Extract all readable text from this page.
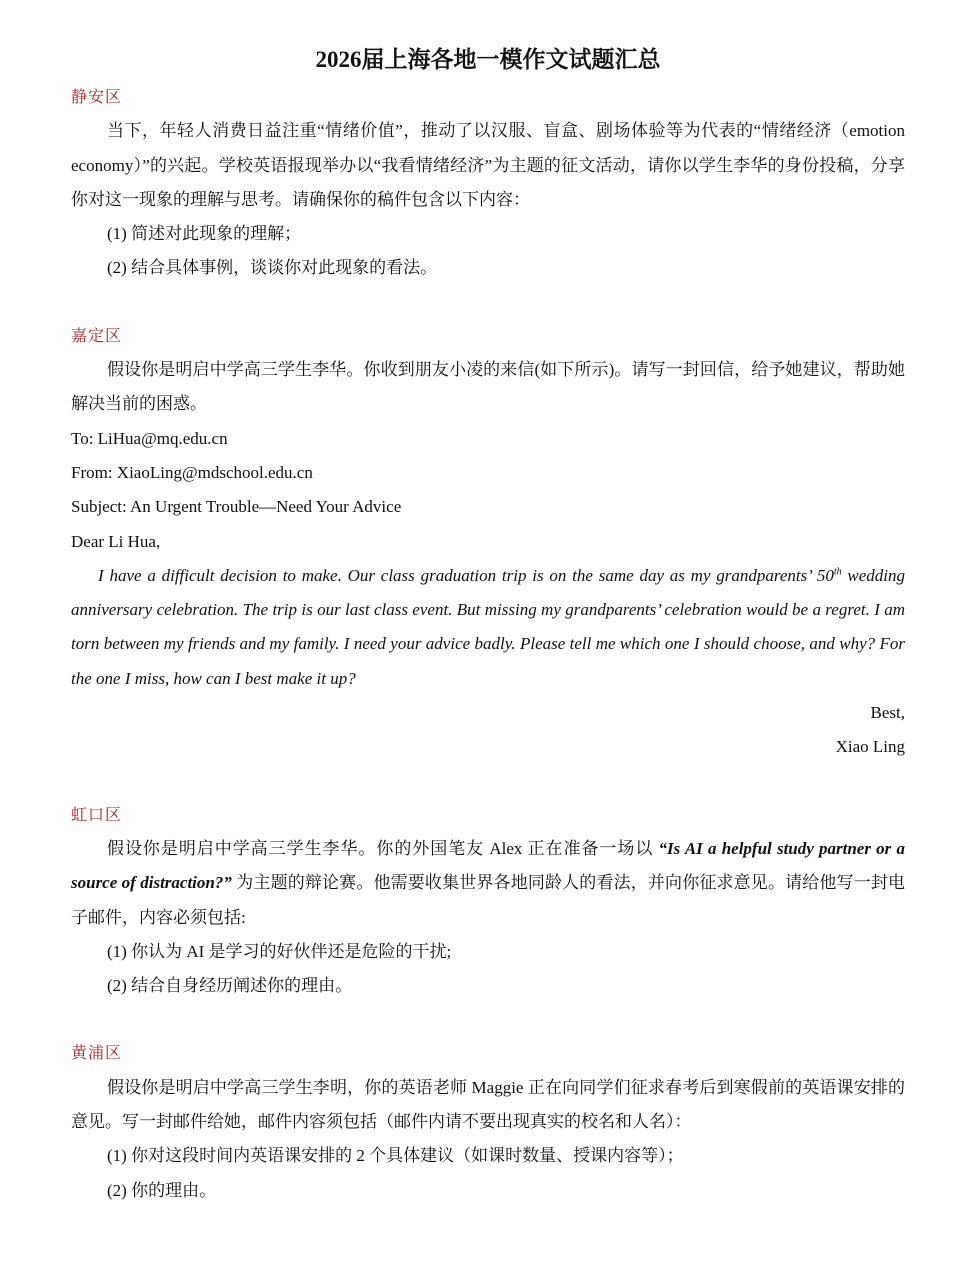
2026届上海各地一模作文试题汇总
静安区

当下，年轻人消费日益注重“情绪价值”，推动了以汉服、盲盒、剧场体验等为代表的“情绪经济（emotion economy）”的兴起。学校英语报现举办以“我看情绪经济”为主题的征文活动，请你以学生李华的身份投稿，分享你对这一现象的理解与思考。请确保你的稿件包含以下内容：

(1) 简述对此现象的理解；

(2) 结合具体事例，谈谈你对此现象的看法。

嘉定区

假设你是明启中学高三学生李华。你收到朋友小凌的来信(如下所示)。请写一封回信，给予她建议，帮助她解决当前的困惑。

To: LiHua@mq.edu.cn

From: XiaoLing@mdschool.edu.cn

Subject: An Urgent Trouble—Need Your Advice

Dear Li Hua,

I have a difficult decision to make. Our class graduation trip is on the same day as my grandparents’ 50th wedding anniversary celebration. The trip is our last class event. But missing my grandparents’ celebration would be a regret. I am torn between my friends and my family. I need your advice badly. Please tell me which one I should choose, and why? For the one I miss, how can I best make it up?

Best,

Xiao Ling

虹口区

假设你是明启中学高三学生李华。你的外国笔友 Alex 正在准备一场以 “Is AI a helpful study partner or a source of distraction?” 为主题的辩论赛。他需要收集世界各地同龄人的看法，并向你征求意见。请给他写一封电子邮件，内容必须包括:

(1) 你认为 AI 是学习的好伙伴还是危险的干扰;

(2) 结合自身经历阐述你的理由。

黄浦区

假设你是明启中学高三学生李明，你的英语老师 Maggie 正在向同学们征求春考后到寒假前的英语课安排的意见。写一封邮件给她，邮件内容须包括（邮件内请不要出现真实的校名和人名）：

(1) 你对这段时间内英语课安排的 2 个具体建议（如课时数量、授课内容等）；

(2) 你的理由。
